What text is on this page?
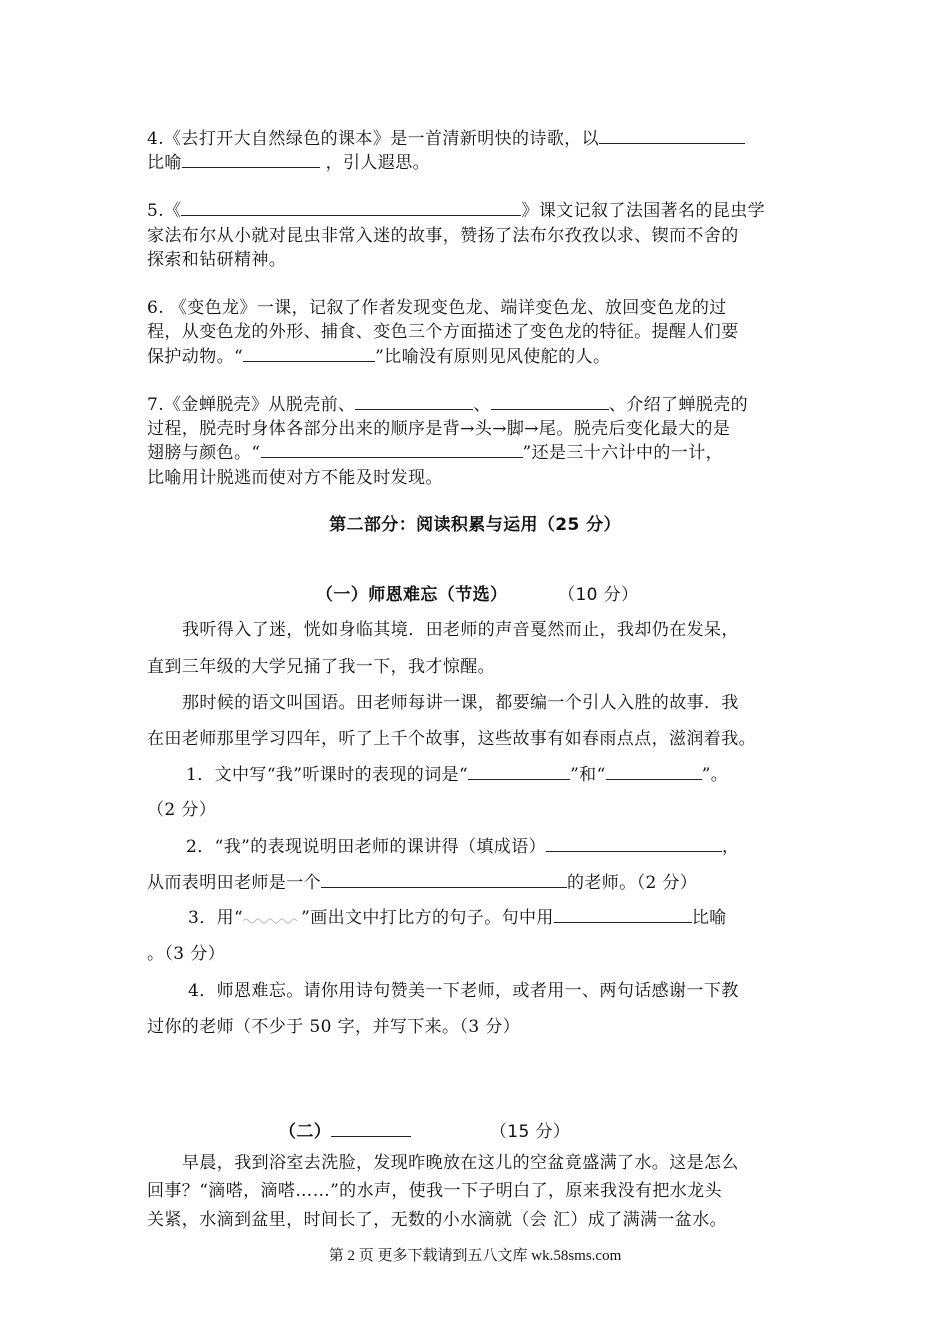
4.《去打开大自然绿色的课本》是一首清新明快的诗歌，以
比喻	，引人遐思。
5.《	》课文记叙了法国著名的昆虫学
家法布尔从小就对昆虫非常入迷的故事，赞扬了法布尔孜孜以求、锲而不舍的
探索和钻研精神。
6. 《变色龙》一课，记叙了作者发现变色龙、端详变色龙、放回变色龙的过
程，从变色龙的外形、捕食、变色三个方面描述了变色龙的特征。提醒人们要
保护动物。“	”比喻没有原则见风使舵的人。
7.《金蝉脱壳》从脱壳前、	、	、介绍了蝉脱壳的
过程，脱壳时身体各部分出来的顺序是背→头→脚→尾。脱壳后变化最大的是
翅膀与颜色。“	”还是三十六计中的一计，
比喻用计脱逃而使对方不能及时发现。
第二部分：阅读积累与运用（25 分）
（一）师恩难忘（节选）	（10 分）
我听得入了迷，恍如身临其境．田老师的声音戛然而止，我却仍在发呆，
直到三年级的大学兄捅了我一下，我才惊醒。
那时候的语文叫国语。田老师每讲一课，都要编一个引人入胜的故事．我
在田老师那里学习四年，听了上千个故事，这些故事有如春雨点点，滋润着我。
1．文中写“我”听课时的表现的词是“	”和“	”。
（2 分）
2．“我”的表现说明田老师的课讲得（填成语）	，
从而表明田老师是一个	的老师。（2 分）
3．用“	”画出文中打比方的句子。句中用	比喻
。（3 分）
4．师恩难忘。请你用诗句赞美一下老师，或者用一、两句话感谢一下教
过你的老师（不少于 50 字，并写下来。（3 分）
（二）	（15 分）
早晨，我到浴室去洗脸，发现昨晚放在这儿的空盆竟盛满了水。这是怎么
回事？“滴嗒，滴嗒……”的水声，使我一下子明白了，原来我没有把水龙头
关紧，水滴到盆里，时间长了，无数的小水滴就（会 汇）成了满满一盆水。
第 2 页 更多下载请到五八文库 wk.58sms.com
